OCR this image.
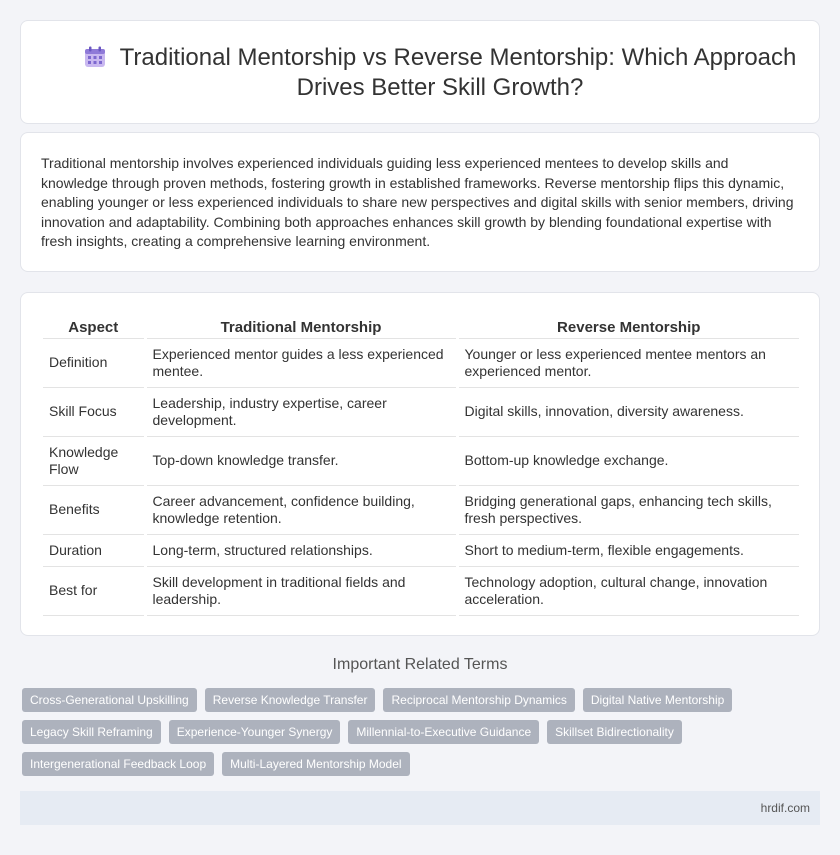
Traditional Mentorship vs Reverse Mentorship: Which Approach
Drives Better Skill Growth?

Traditional mentorship involves experienced individuals guiding less experienced mentees to develop skills and knowledge through proven methods, fostering growth in established frameworks. Reverse mentorship flips this dynamic, enabling younger or less experienced individuals to share new perspectives and digital skills with senior members, driving innovation and adaptability. Combining both approaches enhances skill growth by blending foundational expertise with fresh insights, creating a comprehensive learning environment.

Aspect	Traditional Mentorship	Reverse Mentorship
Definition	Experienced mentor guides a less experienced mentee.	Younger or less experienced mentee mentors an experienced mentor.
Skill Focus	Leadership, industry expertise, career development.	Digital skills, innovation, diversity awareness.
Knowledge Flow	Top-down knowledge transfer.	Bottom-up knowledge exchange.
Benefits	Career advancement, confidence building, knowledge retention.	Bridging generational gaps, enhancing tech skills, fresh perspectives.
Duration	Long-term, structured relationships.	Short to medium-term, flexible engagements.
Best for	Skill development in traditional fields and leadership.	Technology adoption, cultural change, innovation acceleration.
Important Related Terms
Cross-Generational Upskilling	Reverse Knowledge Transfer	Reciprocal Mentorship Dynamics	Digital Native Mentorship
Legacy Skill Reframing	Experience-Younger Synergy	Millennial-to-Executive Guidance	Skillset Bidirectionality
Intergenerational Feedback Loop	Multi-Layered Mentorship Model
hrdif.com
